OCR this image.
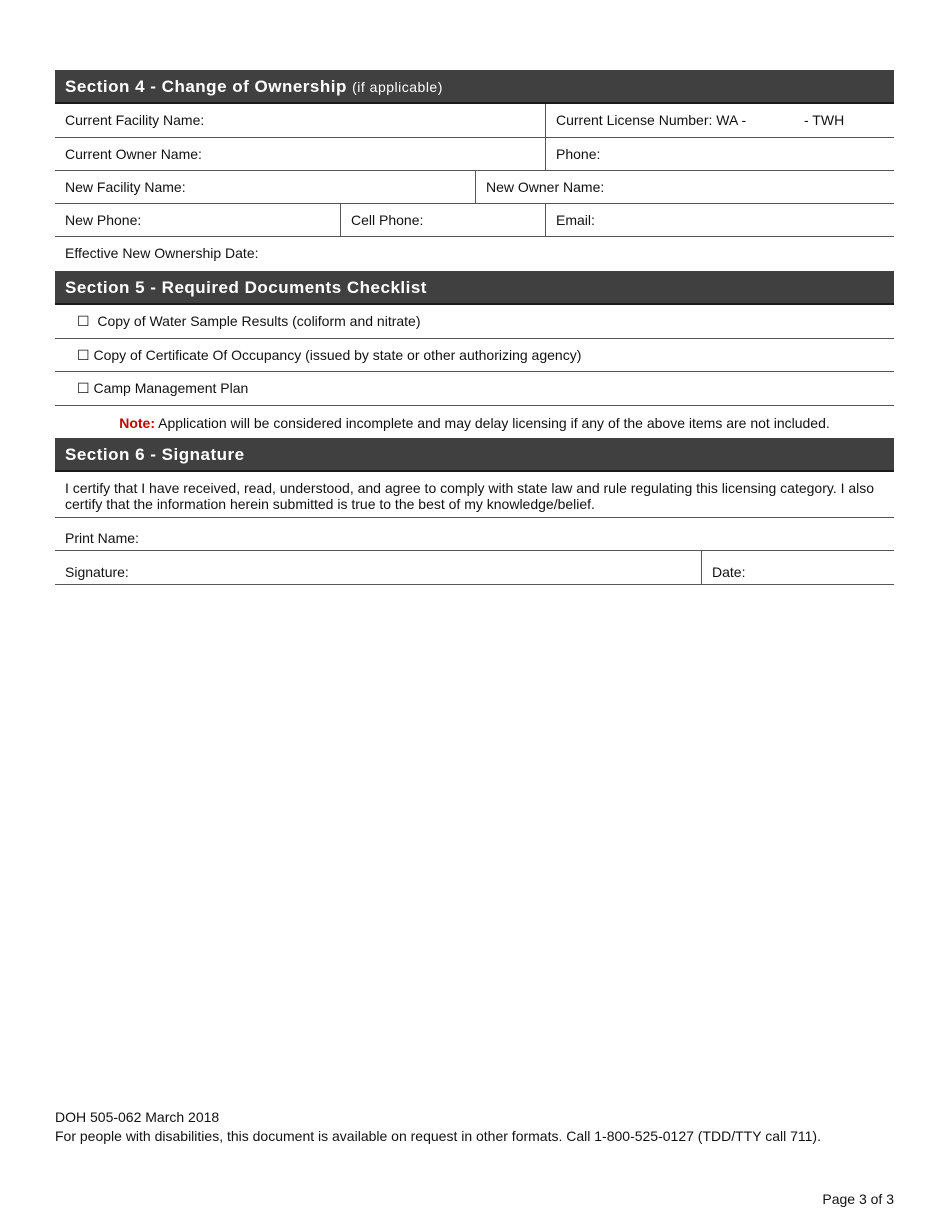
Section 4 - Change of Ownership (if applicable)
Current Facility Name:	Current License Number: WA -	- TWH
Current Owner Name:	Phone:
New Facility Name:	New Owner Name:
New Phone:	Cell Phone:	Email:
Effective New Ownership Date:
Section 5 - Required Documents Checklist
☐ Copy of Water Sample Results (coliform and nitrate)
☐ Copy of Certificate Of Occupancy (issued by state or other authorizing agency)
☐ Camp Management Plan
Note: Application will be considered incomplete and may delay licensing if any of the above items are not included.
Section 6 - Signature
I certify that I have received, read, understood, and agree to comply with state law and rule regulating this licensing category. I also certify that the information herein submitted is true to the best of my knowledge/belief.
Print Name:
Signature:	Date:
DOH 505-062 March 2018
For people with disabilities, this document is available on request in other formats. Call 1-800-525-0127 (TDD/TTY call 711).
Page 3 of 3
